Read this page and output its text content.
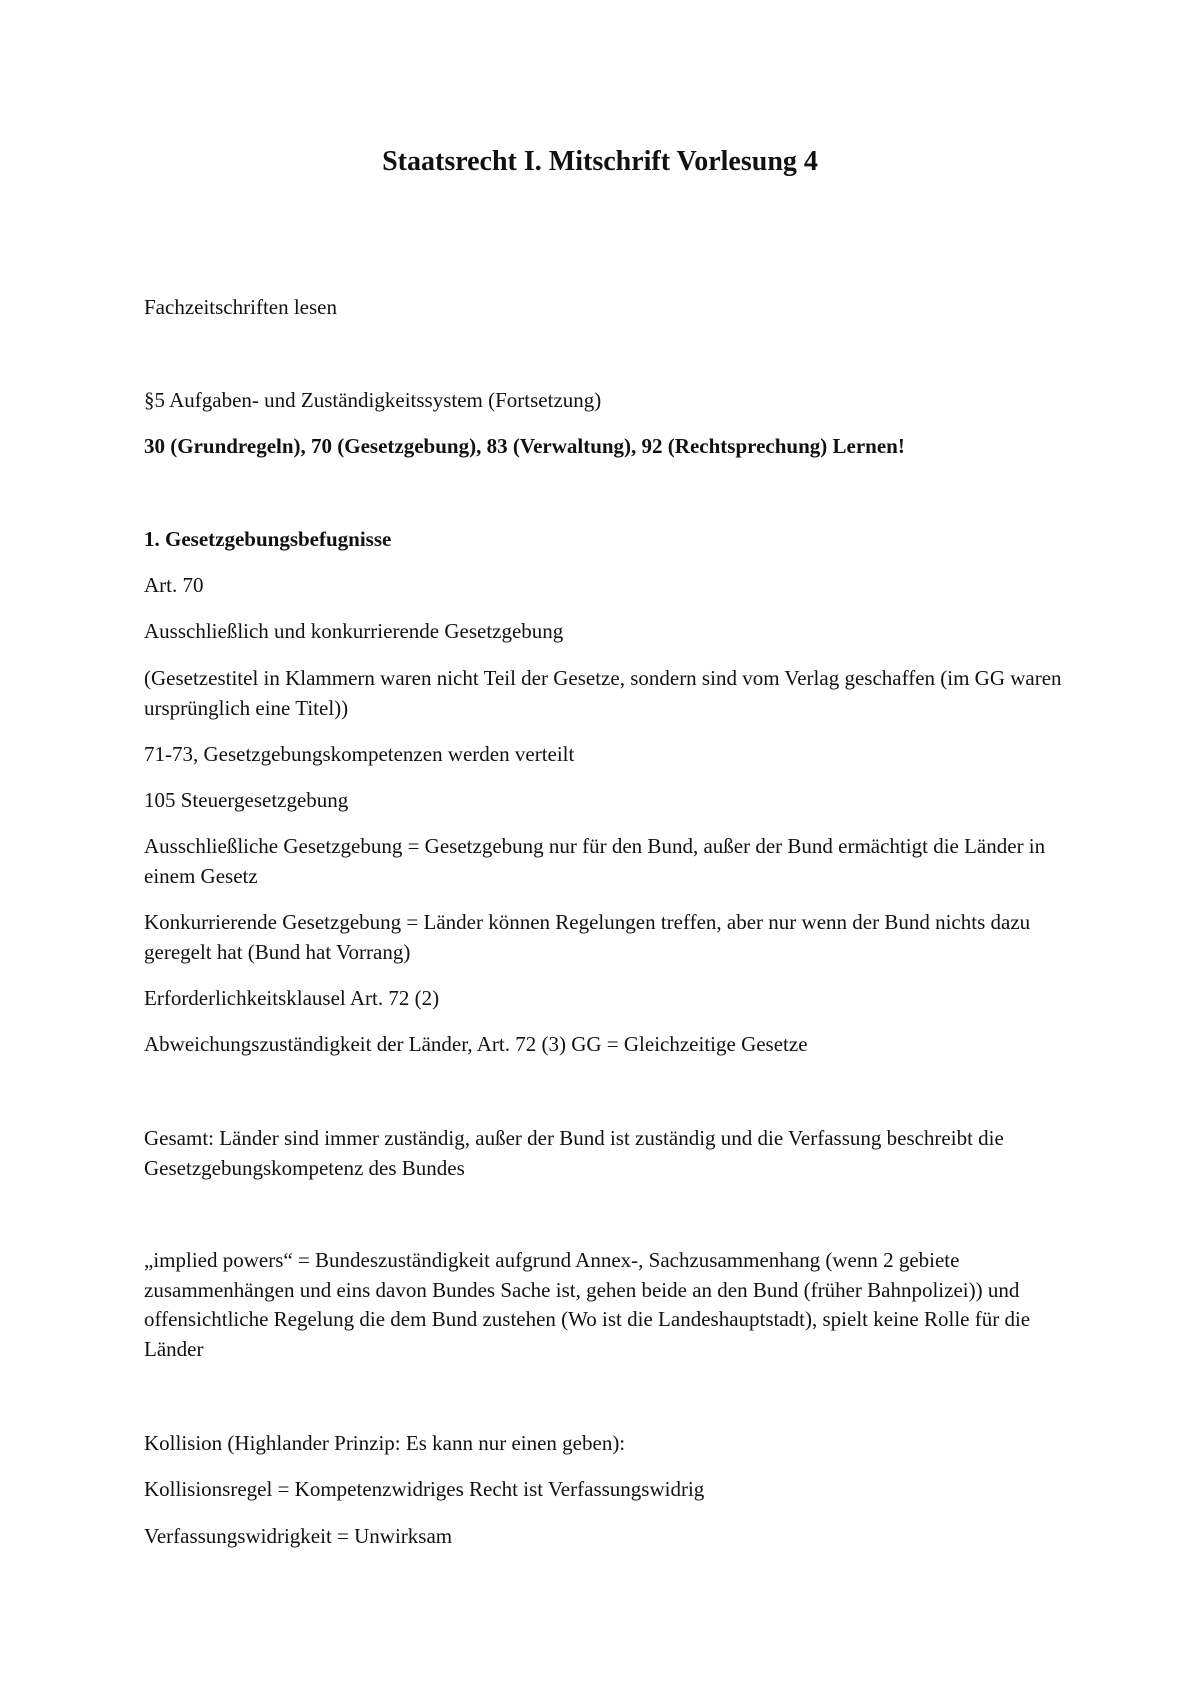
Staatsrecht I. Mitschrift Vorlesung 4

Fachzeitschriften lesen

§5 Aufgaben- und Zuständigkeitssystem (Fortsetzung)

30 (Grundregeln), 70 (Gesetzgebung), 83 (Verwaltung), 92 (Rechtsprechung) Lernen!

1. Gesetzgebungsbefugnisse

Art. 70

Ausschließlich und konkurrierende Gesetzgebung

(Gesetzestitel in Klammern waren nicht Teil der Gesetze, sondern sind vom Verlag geschaffen (im GG waren ursprünglich eine Titel))

71-73, Gesetzgebungskompetenzen werden verteilt

105 Steuergesetzgebung

Ausschließliche Gesetzgebung = Gesetzgebung nur für den Bund, außer der Bund ermächtigt die Länder in einem Gesetz

Konkurrierende Gesetzgebung = Länder können Regelungen treffen, aber nur wenn der Bund nichts dazu geregelt hat (Bund hat Vorrang)

Erforderlichkeitsklausel Art. 72 (2)

Abweichungszuständigkeit der Länder, Art. 72 (3) GG = Gleichzeitige Gesetze

Gesamt: Länder sind immer zuständig, außer der Bund ist zuständig und die Verfassung beschreibt die Gesetzgebungskompetenz des Bundes

„implied powers“ = Bundeszuständigkeit aufgrund Annex-, Sachzusammenhang (wenn 2 gebiete zusammenhängen und eins davon Bundes Sache ist, gehen beide an den Bund (früher Bahnpolizei)) und offensichtliche Regelung die dem Bund zustehen (Wo ist die Landeshauptstadt), spielt keine Rolle für die Länder

Kollision (Highlander Prinzip: Es kann nur einen geben):

Kollisionsregel = Kompetenzwidriges Recht ist Verfassungswidrig

Verfassungswidrigkeit = Unwirksam
